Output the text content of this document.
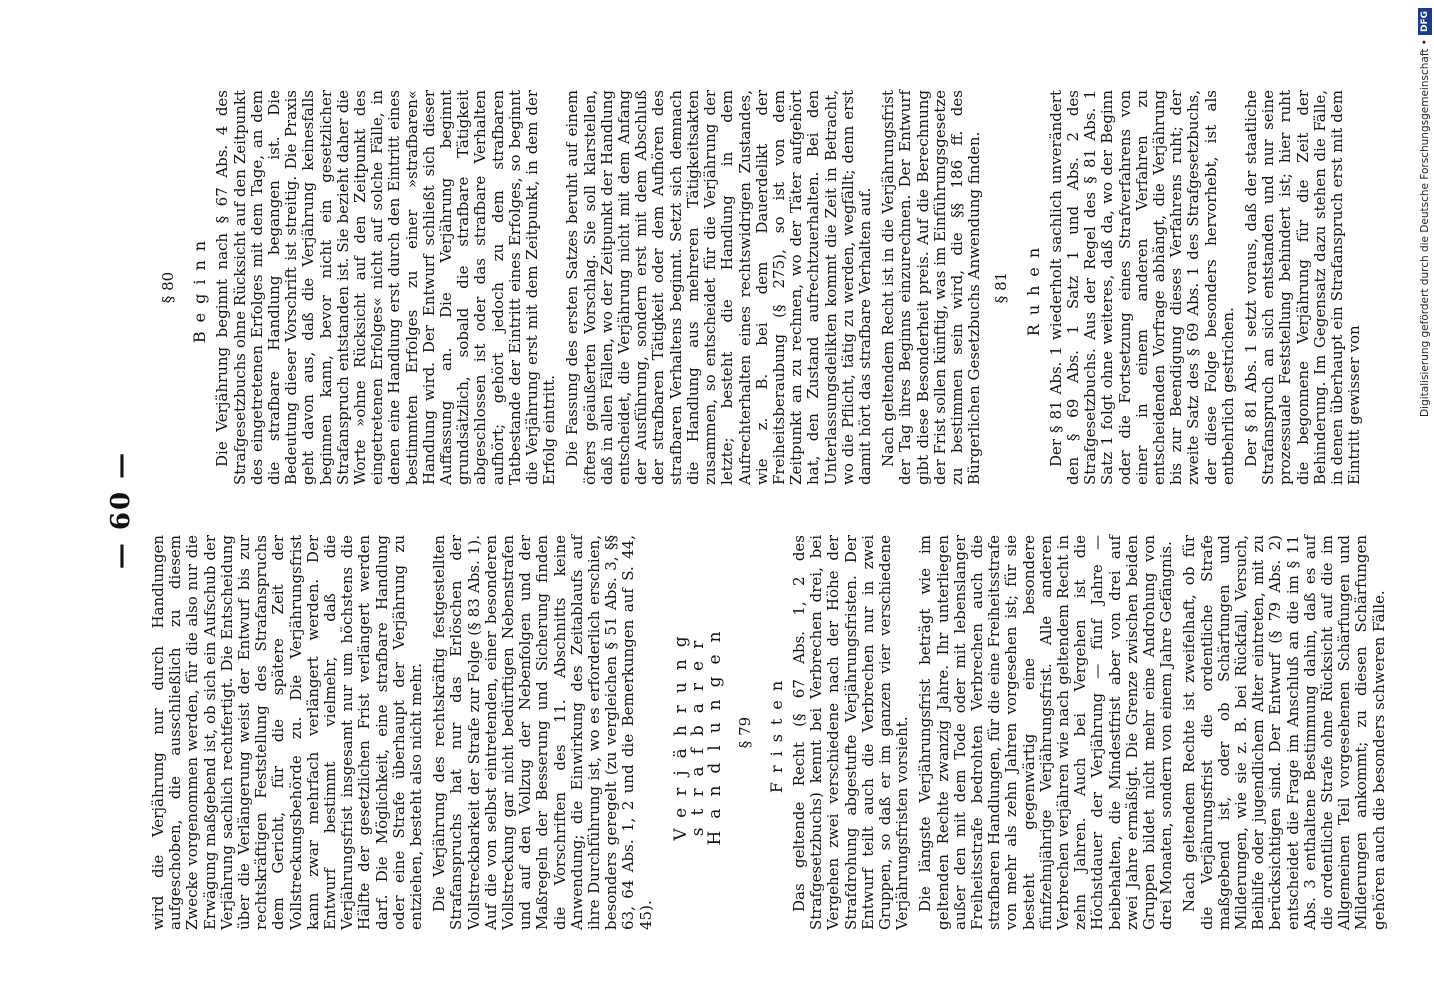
— 60 —

wird die Verjährung nur durch Handlungen aufgeschoben, die ausschließlich zu diesem Zwecke vorgenommen werden, für die also nur die Erwägung maßgebend ist, ob sich ein Aufschub der Verjährung sachlich rechtfertigt. Die Entscheidung über die Verlängerung weist der Entwurf bis zur rechtskräftigen Feststellung des Strafanspruchs dem Gericht, für die spätere Zeit der Vollstreckungsbehörde zu. Die Verjährungsfrist kann zwar mehrfach verlängert werden. Der Entwurf bestimmt vielmehr, daß die Verjährungsfrist insgesamt nur um höchstens die Hälfte der gesetzlichen Frist verlängert werden darf. Die Möglichkeit, eine strafbare Handlung oder eine Strafe überhaupt der Verjährung zu entziehen, besteht also nicht mehr. Die Verjährung des rechtskräftig festgestellten Strafanspruchs hat nur das Erlöschen der Vollstreckbarkeit der Strafe zur Folge (§ 83 Abs. 1). Auf die von selbst eintretenden, einer besonderen Vollstreckung gar nicht bedürftigen Nebenstrafen und auf den Vollzug der Nebenfolgen und der Maßregeln der Besserung und Sicherung finden die Vorschriften des 11. Abschnitts keine Anwendung; die Einwirkung des Zeitablaufs auf ihre Durchführung ist, wo es erforderlich erschien, besonders geregelt (zu vergleichen § 51 Abs. 3, §§ 63, 64 Abs. 1, 2 und die Bemerkungen auf S. 44, 45).

Verjährung strafbarer Handlungen § 79 Fristen Das geltende Recht (§ 67 Abs. 1, 2 des Strafgesetzbuchs) kennt bei Verbrechen drei, bei Vergehen zwei verschiedene nach der Höhe der Strafdrohung abgestufte Verjährungsfristen. Der Entwurf teilt auch die Verbrechen nur in zwei Gruppen, so daß er im ganzen vier verschiedene Verjährungsfristen vorsieht. Die längste Verjährungsfrist beträgt wie im geltenden Rechte zwanzig Jahre. Ihr unterliegen außer den mit dem Tode oder mit lebenslanger Freiheitsstrafe bedrohten Verbrechen auch die strafbaren Handlungen, für die eine Freiheitsstrafe von mehr als zehn Jahren vorgesehen ist; für sie besteht gegenwärtig eine besondere fünfzehnjährige Verjährungsfrist. Alle anderen Verbrechen verjähren wie nach geltendem Recht in zehn Jahren. Auch bei Vergehen ist die Höchstdauer der Verjährung — fünf Jahre — beibehalten, die Mindestfrist aber von drei auf zwei Jahre ermäßigt. Die Grenze zwischen beiden Gruppen bildet nicht mehr eine Androhung von drei Monaten, sondern von einem Jahre Gefängnis. Nach geltendem Rechte ist zweifelhaft, ob für die Verjährungsfrist die ordentliche Strafe maßgebend ist, oder ob Schärfungen und Milderungen, wie sie z. B. bei Rückfall, Versuch, Beihilfe oder jugendlichem Alter eintreten, mit zu berücksichtigen sind. Der Entwurf (§ 79 Abs. 2) entscheidet die Frage im Anschluß an die im § 11 Abs. 3 enthaltene Bestimmung dahin, daß es auf die ordentliche Strafe ohne Rücksicht auf die im Allgemeinen Teil vorgesehenen Schärfungen und Milderungen ankommt; zu diesen Schärfungen gehören auch die besonders schweren Fälle.

§ 80 Beginn Die Verjährung beginnt nach § 67 Abs. 4 des Strafgesetzbuchs ohne Rücksicht auf den Zeitpunkt des eingetretenen Erfolges mit dem Tage, an dem die strafbare Handlung begangen ist. Die Bedeutung dieser Vorschrift ist streitig. Die Praxis geht davon aus, daß die Verjährung keinesfalls beginnen kann, bevor nicht ein gesetzlicher Strafanspruch entstanden ist. Sie bezieht daher die Worte »ohne Rücksicht auf den Zeitpunkt des eingetretenen Erfolges« nicht auf solche Fälle, in denen eine Handlung erst durch den Eintritt eines bestimmten Erfolges zu einer »strafbaren« Handlung wird. Der Entwurf schließt sich dieser Auffassung an. Die Verjährung beginnt grundsätzlich, sobald die strafbare Tätigkeit abgeschlossen ist oder das strafbare Verhalten aufhört; gehört jedoch zu dem strafbaren Tatbestande der Eintritt eines Erfolges, so beginnt die Verjährung erst mit dem Zeitpunkt, in dem der Erfolg eintritt. Die Fassung des ersten Satzes beruht auf einem öfters geäußerten Vorschlag. Sie soll klarstellen, daß in allen Fällen, wo der Zeitpunkt der Handlung entscheidet, die Verjährung nicht mit dem Anfang der Ausführung, sondern erst mit dem Abschluß der strafbaren Tätigkeit oder dem Aufhören des strafbaren Verhaltens beginnt. Setzt sich demnach die Handlung aus mehreren Tätigkeitsakten zusammen, so entscheidet für die Verjährung der letzte; besteht die Handlung in dem Aufrechterhalten eines rechtswidrigen Zustandes, wie z. B. bei dem Dauerdelikt der Freiheitsberaubung (§ 275), so ist von dem Zeitpunkt an zu rechnen, wo der Täter aufgehört hat, den Zustand aufrechtzuerhalten. Bei den Unterlassungsdelikten kommt die Zeit in Betracht, wo die Pflicht, tätig zu werden, wegfällt; denn erst damit hört das strafbare Verhalten auf. Nach geltendem Recht ist in die Verjährungsfrist der Tag ihres Beginns einzurechnen. Der Entwurf gibt diese Besonderheit preis. Auf die Berechnung der Frist sollen künftig, was im Einführungsgesetze zu bestimmen sein wird, die §§ 186 ff. des Bürgerlichen Gesetzbuchs Anwendung finden. § 81 Ruhen Der § 81 Abs. 1 wiederholt sachlich unverändert den § 69 Abs. 1 Satz 1 und Abs. 2 des Strafgesetzbuchs. Aus der Regel des § 81 Abs. 1 Satz 1 folgt ohne weiteres, daß da, wo der Beginn oder die Fortsetzung eines Strafverfahrens von einer in einem anderen Verfahren zu entscheidenden Vorfrage abhängt, die Verjährung bis zur Beendigung dieses Verfahrens ruht; der zweite Satz des § 69 Abs. 1 des Strafgesetzbuchs, der diese Folge besonders hervorhebt, ist als entbehrlich gestrichen. Der § 81 Abs. 1 setzt voraus, daß der staatliche Strafanspruch an sich entstanden und nur seine prozessuale Feststellung behindert ist; hier ruht die begonnene Verjährung für die Zeit der Behinderung. Im Gegensatz dazu stehen die Fälle, in denen überhaupt ein Strafanspruch erst mit dem Eintritt gewisser von	Digitalisierung gefördert durch die Deutsche Forschungsgemeinschaft •DFG
